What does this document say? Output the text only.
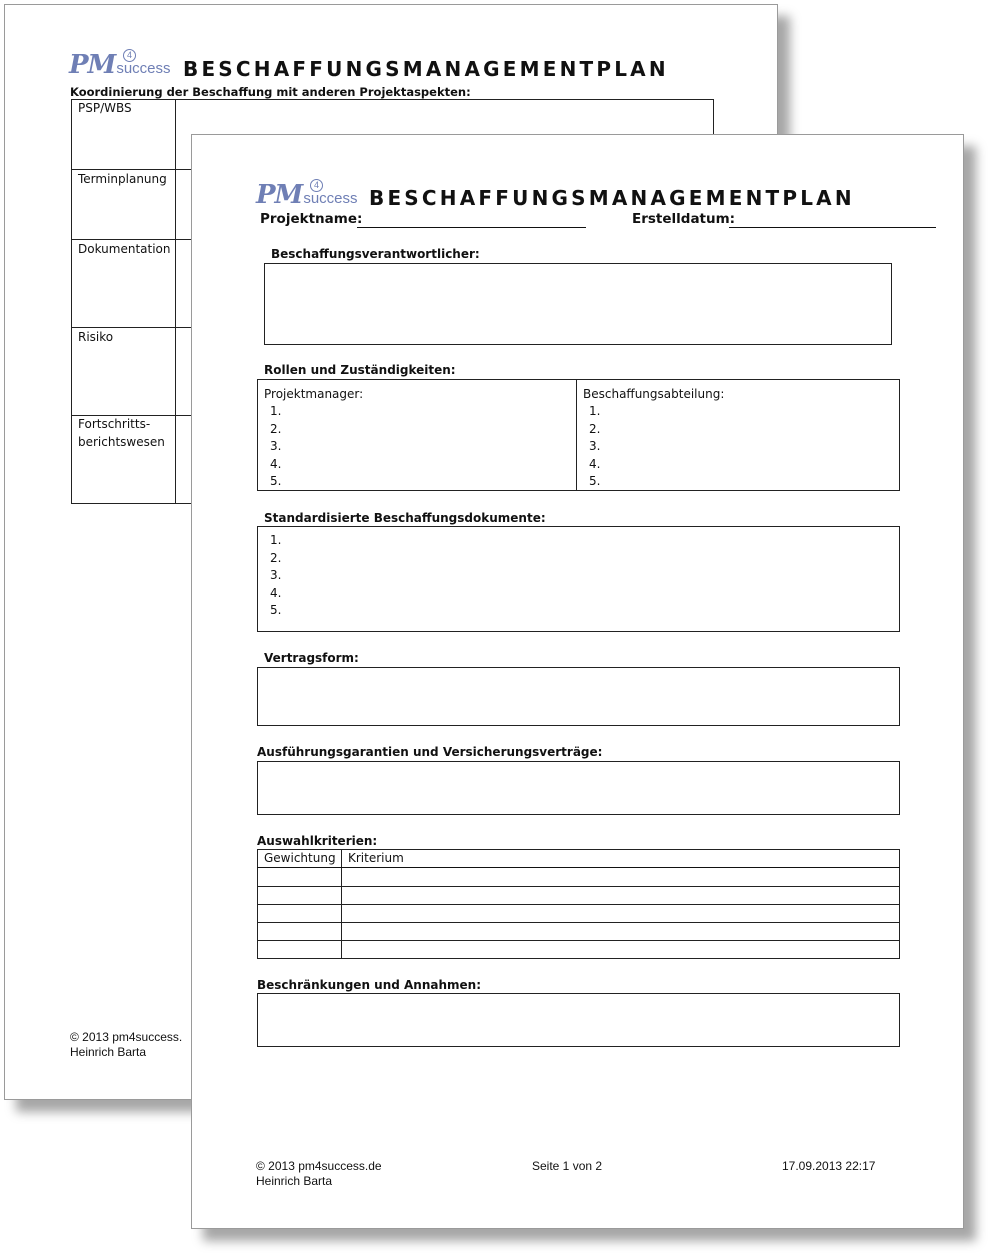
PM	4
success BESCHAFFUNGSMANAGEMENTPLAN
Koordinierung der Beschaffung mit anderen Projektaspekten:
PSP/WBS
Terminplanung
Dokumentation
Risiko
Fortschritts-
berichtswesen
© 2013 pm4success.
Heinrich Barta
PM	4
success BESCHAFFUNGSMANAGEMENTPLAN
Projektname:	Erstelldatum:
Beschaffungsverantwortlicher:
Rollen und Zuständigkeiten:
Projektmanager:
1.
2.
3.
4.
5.
Beschaffungsabteilung:
1.
2.
3.
4.
5.
Standardisierte Beschaffungsdokumente:
1.
2.
3.
4.
5.
Vertragsform:
Ausführungsgarantien und Versicherungsverträge:
Auswahlkriterien:
Gewichtung Kriterium
Beschränkungen und Annahmen:
© 2013 pm4success.de
Heinrich Barta
Seite 1 von 2	17.09.2013 22:17
